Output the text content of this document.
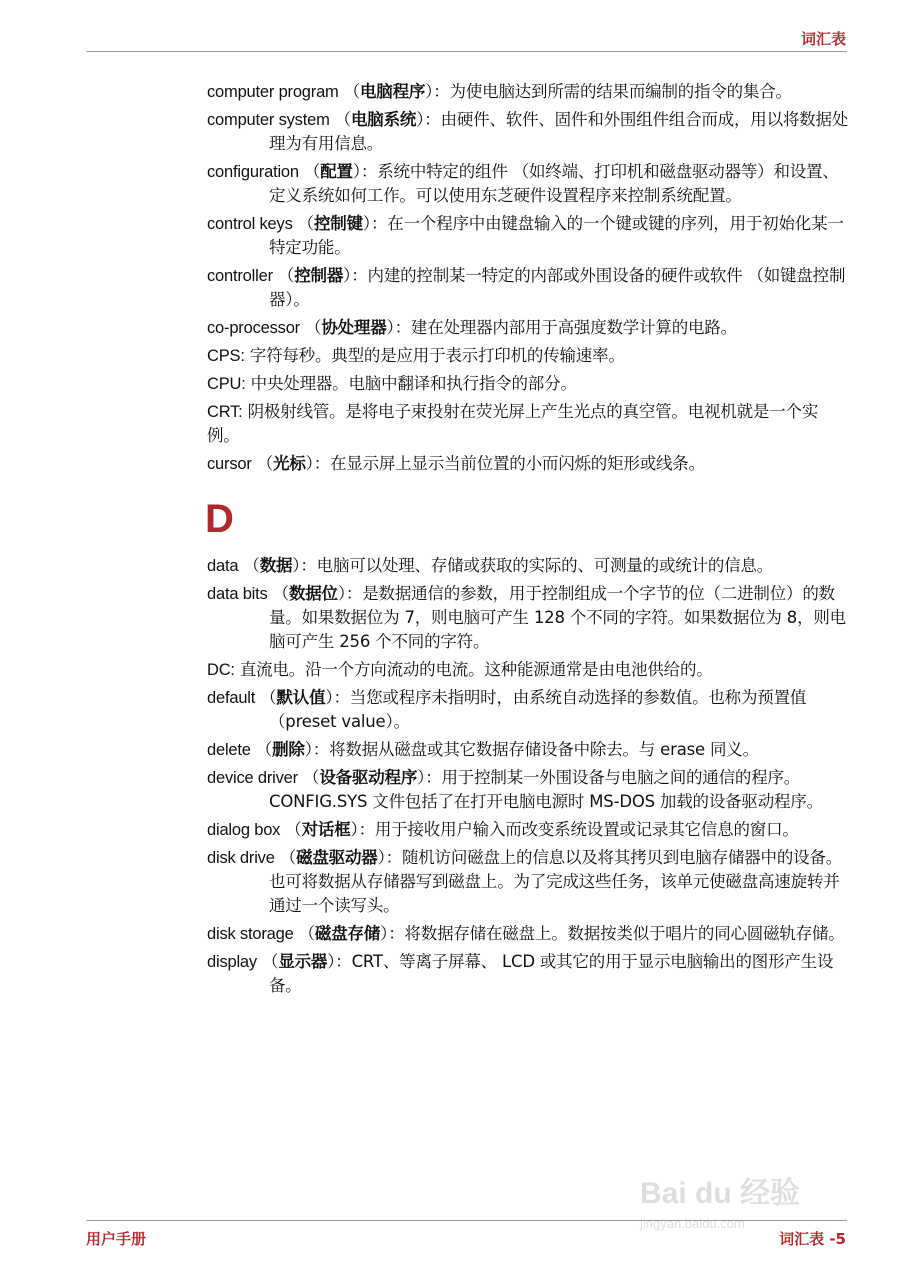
词汇表
computer program （电脑程序）：为使电脑达到所需的结果而编制的指令的集合。
computer system （电脑系统）：由硬件、软件、固件和外围组件组合而成，用以将数据处理为有用信息。
configuration （配置）：系统中特定的组件 （如终端、打印机和磁盘驱动器等）和设置、定义系统如何工作。可以使用东芝硬件设置程序来控制系统配置。
control keys （控制键）：在一个程序中由键盘输入的一个键或键的序列，用于初始化某一特定功能。
controller （控制器）：内建的控制某一特定的内部或外围设备的硬件或软件 （如键盘控制器）。
co-processor （协处理器）：建在处理器内部用于高强度数学计算的电路。
CPS: 字符每秒。典型的是应用于表示打印机的传输速率。
CPU: 中央处理器。电脑中翻译和执行指令的部分。
CRT: 阴极射线管。是将电子束投射在荧光屏上产生光点的真空管。电视机就是一个实例。
cursor （光标）：在显示屏上显示当前位置的小而闪烁的矩形或线条。
D
data （数据）：电脑可以处理、存储或获取的实际的、可测量的或统计的信息。
data bits （数据位）：是数据通信的参数，用于控制组成一个字节的位（二进制位）的数量。如果数据位为 7，则电脑可产生 128 个不同的字符。如果数据位为 8，则电脑可产生 256 个不同的字符。
DC: 直流电。沿一个方向流动的电流。这种能源通常是由电池供给的。
default （默认值）：当您或程序未指明时，由系统自动选择的参数值。也称为预置值 （preset value）。
delete （删除）：将数据从磁盘或其它数据存储设备中除去。与 erase 同义。
device driver （设备驱动程序）：用于控制某一外围设备与电脑之间的通信的程序。CONFIG.SYS 文件包括了在打开电脑电源时 MS-DOS 加载的设备驱动程序。
dialog box （对话框）：用于接收用户输入而改变系统设置或记录其它信息的窗口。
disk drive （磁盘驱动器）：随机访问磁盘上的信息以及将其拷贝到电脑存储器中的设备。也可将数据从存储器写到磁盘上。为了完成这些任务，该单元使磁盘高速旋转并通过一个读写头。
disk storage （磁盘存储）：将数据存储在磁盘上。数据按类似于唱片的同心圆磁轨存储。
display （显示器）：CRT、等离子屏幕、 LCD 或其它的用于显示电脑输出的图形产生设备。
用户手册	词汇表 -5
Bai du 经验
jingyan.baidu.com
